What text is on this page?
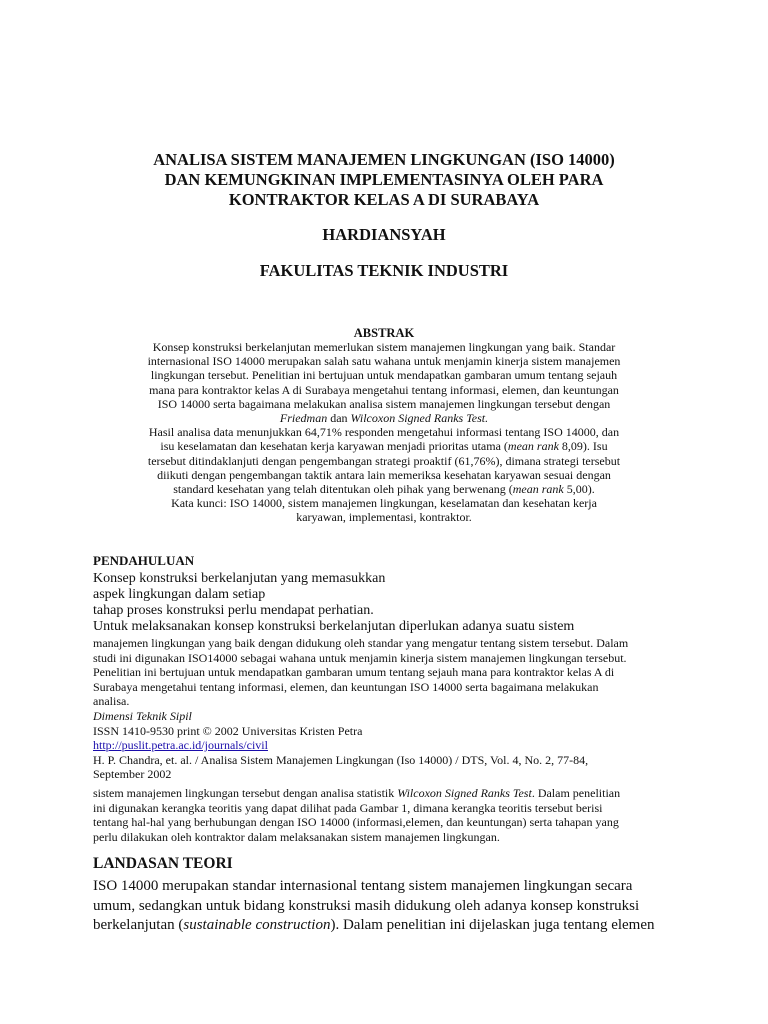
ANALISA SISTEM MANAJEMEN LINGKUNGAN (ISO 14000)
DAN KEMUNGKINAN IMPLEMENTASINYA OLEH PARA
KONTRAKTOR KELAS A DI SURABAYA
HARDIANSYAH
FAKULITAS TEKNIK INDUSTRI
ABSTRAK
Konsep konstruksi berkelanjutan memerlukan sistem manajemen lingkungan yang baik. Standar
internasional ISO 14000 merupakan salah satu wahana untuk menjamin kinerja sistem manajemen
lingkungan tersebut. Penelitian ini bertujuan untuk mendapatkan gambaran umum tentang sejauh
mana para kontraktor kelas A di Surabaya mengetahui tentang informasi, elemen, dan keuntungan
ISO 14000 serta bagaimana melakukan analisa sistem manajemen lingkungan tersebut dengan
Friedman dan Wilcoxon Signed Ranks Test.
Hasil analisa data menunjukkan 64,71% responden mengetahui informasi tentang ISO 14000, dan
isu keselamatan dan kesehatan kerja karyawan menjadi prioritas utama (mean rank 8,09). Isu
tersebut ditindaklanjuti dengan pengembangan strategi proaktif (61,76%), dimana strategi tersebut
diikuti dengan pengembangan taktik antara lain memeriksa kesehatan karyawan sesuai dengan
standard kesehatan yang telah ditentukan oleh pihak yang berwenang (mean rank 5,00).
Kata kunci: ISO 14000, sistem manajemen lingkungan, keselamatan dan kesehatan kerja
karyawan, implementasi, kontraktor.
PENDAHULUAN
Konsep konstruksi berkelanjutan yang memasukkan
aspek lingkungan dalam setiap
tahap proses konstruksi perlu mendapat perhatian.
Untuk melaksanakan konsep konstruksi berkelanjutan diperlukan adanya suatu sistem
manajemen lingkungan yang baik dengan didukung oleh standar yang mengatur tentang sistem tersebut. Dalam
studi ini digunakan ISO14000 sebagai wahana untuk menjamin kinerja sistem manajemen lingkungan tersebut.
Penelitian ini bertujuan untuk mendapatkan gambaran umum tentang sejauh mana para kontraktor kelas A di
Surabaya mengetahui tentang informasi, elemen, dan keuntungan ISO 14000 serta bagaimana melakukan
analisa.
Dimensi Teknik Sipil
ISSN 1410-9530 print © 2002 Universitas Kristen Petra
http://puslit.petra.ac.id/journals/civil
H. P. Chandra, et. al. / Analisa Sistem Manajemen Lingkungan (Iso 14000) / DTS, Vol. 4, No. 2, 77-84,
September 2002
sistem manajemen lingkungan tersebut dengan analisa statistik Wilcoxon Signed Ranks Test. Dalam penelitian
ini digunakan kerangka teoritis yang dapat dilihat pada Gambar 1, dimana kerangka teoritis tersebut berisi
tentang hal-hal yang berhubungan dengan ISO 14000 (informasi,elemen, dan keuntungan) serta tahapan yang
perlu dilakukan oleh kontraktor dalam melaksanakan sistem manajemen lingkungan.
LANDASAN TEORI
ISO 14000 merupakan standar internasional tentang sistem manajemen lingkungan secara
umum, sedangkan untuk bidang konstruksi masih didukung oleh adanya konsep konstruksi
berkelanjutan (sustainable construction). Dalam penelitian ini dijelaskan juga tentang elemen
